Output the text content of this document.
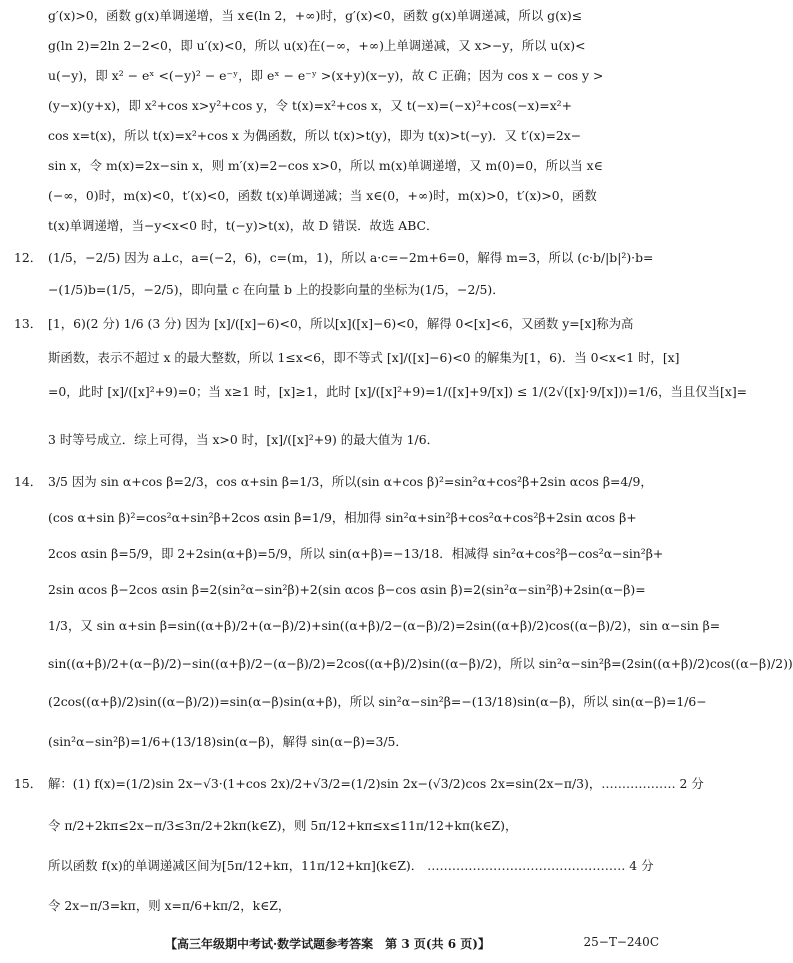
g′(x)>0，函数 g(x)单调递增，当 x∈(ln 2，+∞)时，g′(x)<0，函数 g(x)单调递减，所以 g(x)≤
g(ln 2)=2ln 2−2<0，即 u′(x)<0，所以 u(x)在(−∞，+∞)上单调递减，又 x>−y，所以 u(x)<
u(−y)，即 x² − eˣ <(−y)² − e⁻ʸ，即 eˣ − e⁻ʸ >(x+y)(x−y)，故 C 正确；因为 cos x − cos y >
(y−x)(y+x)，即 x²+cos x>y²+cos y，令 t(x)=x²+cos x，又 t(−x)=(−x)²+cos(−x)=x²+
cos x=t(x)，所以 t(x)=x²+cos x 为偶函数，所以 t(x)>t(y)，即为 t(x)>t(−y)．又 t′(x)=2x−
sin x，令 m(x)=2x−sin x，则 m′(x)=2−cos x>0，所以 m(x)单调递增，又 m(0)=0，所以当 x∈
(−∞，0)时，m(x)<0，t′(x)<0，函数 t(x)单调递减；当 x∈(0，+∞)时，m(x)>0，t′(x)>0，函数
t(x)单调递增，当−y<x<0 时，t(−y)>t(x)，故 D 错误．故选 ABC．
12． (1/5，−2/5) 因为 a⊥c，a=(−2，6)，c=(m，1)，所以 a·c=−2m+6=0，解得 m=3，所以 (c·b/|b|²)·b=
−(1/5)b=(1/5，−2/5)，即向量 c 在向量 b 上的投影向量的坐标为(1/5，−2/5)．
13． [1，6)(2 分) 1/6 (3 分) 因为 [x]/([x]−6)<0，所以[x]([x]−6)<0，解得 0<[x]<6，又函数 y=[x]称为高
斯函数，表示不超过 x 的最大整数，所以 1≤x<6，即不等式 [x]/([x]−6)<0 的解集为[1，6)．当 0<x<1 时，[x]
=0，此时 [x]/([x]²+9)=0；当 x≥1 时，[x]≥1，此时 [x]/([x]²+9)=1/([x]+9/[x]) ≤ 1/(2√([x]·9/[x]))=1/6，当且仅当[x]=
3 时等号成立．综上可得，当 x>0 时，[x]/([x]²+9) 的最大值为 1/6．
14． 3/5 因为 sin α+cos β=2/3，cos α+sin β=1/3，所以(sin α+cos β)²=sin²α+cos²β+2sin αcos β=4/9，
(cos α+sin β)²=cos²α+sin²β+2cos αsin β=1/9，相加得 sin²α+sin²β+cos²α+cos²β+2sin αcos β+
2cos αsin β=5/9，即 2+2sin(α+β)=5/9，所以 sin(α+β)=−13/18．相减得 sin²α+cos²β−cos²α−sin²β+
2sin αcos β−2cos αsin β=2(sin²α−sin²β)+2(sin αcos β−cos αsin β)=2(sin²α−sin²β)+2sin(α−β)=
1/3，又 sin α+sin β=sin((α+β)/2+(α−β)/2)+sin((α+β)/2−(α−β)/2)=2sin((α+β)/2)cos((α−β)/2)，sin α−sin β=
sin((α+β)/2+(α−β)/2)−sin((α+β)/2−(α−β)/2)=2cos((α+β)/2)sin((α−β)/2)，所以 sin²α−sin²β=(2sin((α+β)/2)cos((α−β)/2))
(2cos((α+β)/2)sin((α−β)/2))=sin(α−β)sin(α+β)，所以 sin²α−sin²β=−(13/18)sin(α−β)，所以 sin(α−β)=1/6−
(sin²α−sin²β)=1/6+(13/18)sin(α−β)，解得 sin(α−β)=3/5．
15． 解：(1) f(x)=(1/2)sin 2x−√3·(1+cos 2x)/2+√3/2=(1/2)sin 2x−(√3/2)cos 2x=sin(2x−π/3)，……………… 2 分
令 π/2+2kπ≤2x−π/3≤3π/2+2kπ(k∈Z)，则 5π/12+kπ≤x≤11π/12+kπ(k∈Z)，
所以函数 f(x)的单调递减区间为[5π/12+kπ，11π/12+kπ](k∈Z)． ………………………………………… 4 分
令 2x−π/3=kπ，则 x=π/6+kπ/2，k∈Z，
【高三年级期中考试·数学试题参考答案　第 3 页(共 6 页)】	25−T−240C
